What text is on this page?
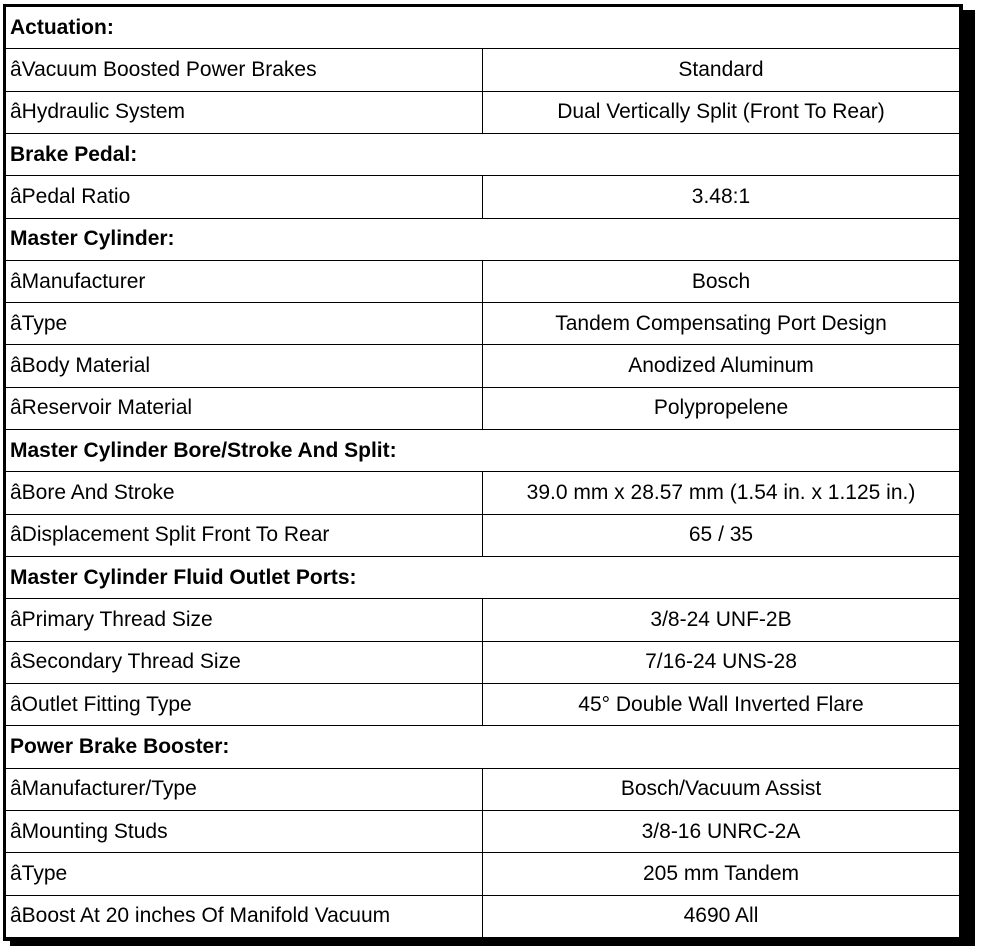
Actuation:	
âVacuum Boosted Power Brakes	Standard
âHydraulic System	Dual Vertically Split (Front To Rear)
Brake Pedal:	
âPedal Ratio	3.48:1
Master Cylinder:	
âManufacturer	Bosch
âType	Tandem Compensating Port Design
âBody Material	Anodized Aluminum
âReservoir Material	Polypropelene
Master Cylinder Bore/Stroke And Split:	
âBore And Stroke	39.0 mm x 28.57 mm (1.54 in. x 1.125 in.)
âDisplacement Split Front To Rear	65 / 35
Master Cylinder Fluid Outlet Ports:	
âPrimary Thread Size	3/8-24 UNF-2B
âSecondary Thread Size	7/16-24 UNS-28
âOutlet Fitting Type	45° Double Wall Inverted Flare
Power Brake Booster:	
âManufacturer/Type	Bosch/Vacuum Assist
âMounting Studs	3/8-16 UNRC-2A
âType	205 mm Tandem
âBoost At 20 inches Of Manifold Vacuum	4690 All
